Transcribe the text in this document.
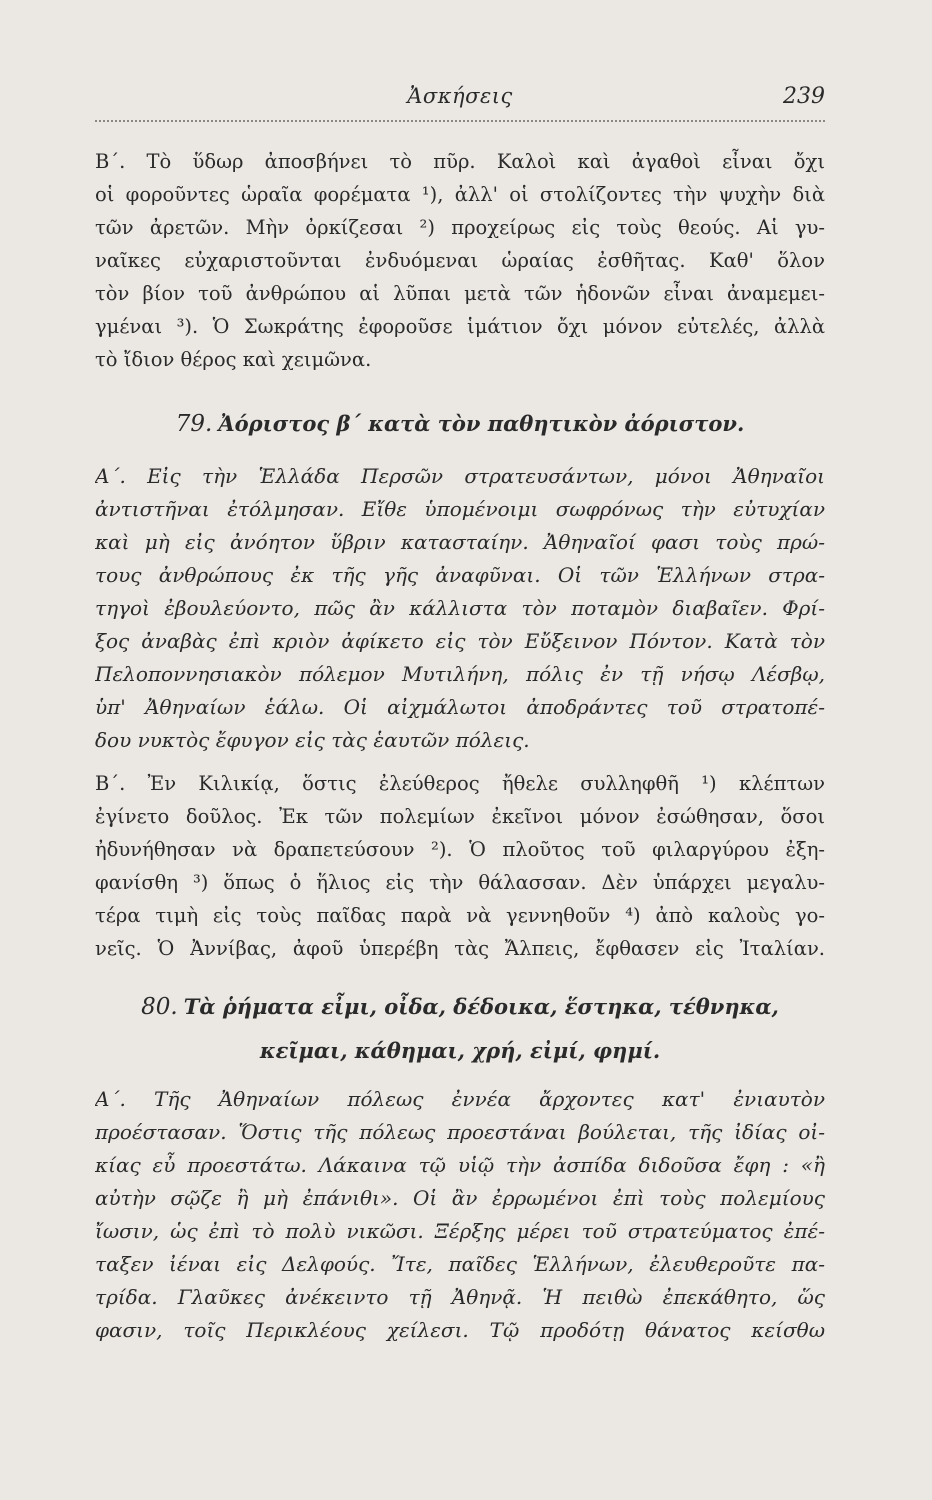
Ἀσκήσεις	239
Β΄. Τὸ ὕδωρ ἀποσβήνει τὸ πῦρ. Καλοὶ καὶ ἀγαθοὶ εἶναι ὄχι
οἱ φοροῦντες ὡραῖα φορέματα ¹), ἀλλ' οἱ στολίζοντες τὴν ψυχὴν διὰ
τῶν ἀρετῶν. Μὴν ὀρκίζεσαι ²) προχείρως εἰς τοὺς θεούς. Αἱ γυ-
ναῖκες εὐχαριστοῦνται ἐνδυόμεναι ὡραίας ἐσθῆτας. Καθ' ὅλον
τὸν βίον τοῦ ἀνθρώπου αἱ λῦπαι μετὰ τῶν ἡδονῶν εἶναι ἀναμεμει-
γμέναι ³). Ὁ Σωκράτης ἐφοροῦσε ἱμάτιον ὄχι μόνον εὐτελές, ἀλλὰ
τὸ ἴδιον θέρος καὶ χειμῶνα.
79. Ἀόριστος β΄ κατὰ τὸν παθητικὸν ἀόριστον.
Α΄. Εἰς τὴν Ἑλλάδα Περσῶν στρατευσάντων, μόνοι Ἀθηναῖοι
ἀντιστῆναι ἐτόλμησαν. Εἴθε ὑπομένοιμι σωφρόνως τὴν εὐτυχίαν
καὶ μὴ εἰς ἀνόητον ὕβριν κατασταίην. Ἀθηναῖοί φασι τοὺς πρώ-
τους ἀνθρώπους ἐκ τῆς γῆς ἀναφῦναι. Οἱ τῶν Ἑλλήνων στρα-
τηγοὶ ἐβουλεύοντο, πῶς ἂν κάλλιστα τὸν ποταμὸν διαβαῖεν. Φρί-
ξος ἀναβὰς ἐπὶ κριὸν ἀφίκετο εἰς τὸν Εὔξεινον Πόντον. Κατὰ τὸν
Πελοποννησιακὸν πόλεμον Μυτιλήνη, πόλις ἐν τῇ νήσῳ Λέσβῳ,
ὑπ' Ἀθηναίων ἑάλω. Οἱ αἰχμάλωτοι ἀποδράντες τοῦ στρατοπέ-
δου νυκτὸς ἔφυγον εἰς τὰς ἑαυτῶν πόλεις.
Β΄. Ἐν Κιλικίᾳ, ὅστις ἐλεύθερος ἤθελε συλληφθῆ ¹) κλέπτων
ἐγίνετο δοῦλος. Ἐκ τῶν πολεμίων ἐκεῖνοι μόνον ἐσώθησαν, ὅσοι
ἠδυνήθησαν νὰ δραπετεύσουν ²). Ὁ πλοῦτος τοῦ φιλαργύρου ἐξη-
φανίσθη ³) ὅπως ὁ ἥλιος εἰς τὴν θάλασσαν. Δὲν ὑπάρχει μεγαλυ-
τέρα τιμὴ εἰς τοὺς παῖδας παρὰ νὰ γεννηθοῦν ⁴) ἀπὸ καλοὺς γο-
νεῖς. Ὁ Ἀννίβας, ἀφοῦ ὑπερέβη τὰς Ἄλπεις, ἔφθασεν εἰς Ἰταλίαν.
80. Τὰ ῥήματα εἶμι, οἶδα, δέδοικα, ἕστηκα, τέθνηκα,
κεῖμαι, κάθημαι, χρή, εἰμί, φημί.
Α΄. Τῆς Ἀθηναίων πόλεως ἐννέα ἄρχοντες κατ' ἐνιαυτὸν
προέστασαν. Ὅστις τῆς πόλεως προεστάναι βούλεται, τῆς ἰδίας οἰ-
κίας εὖ προεστάτω. Λάκαινα τῷ υἱῷ τὴν ἀσπίδα διδοῦσα ἔφη : «ἢ
αὐτὴν σῷζε ἢ μὴ ἐπάνιθι». Οἱ ἂν ἐρρωμένοι ἐπὶ τοὺς πολεμίους
ἴωσιν, ὡς ἐπὶ τὸ πολὺ νικῶσι. Ξέρξης μέρει τοῦ στρατεύματος ἐπέ-
ταξεν ἰέναι εἰς Δελφούς. Ἴτε, παῖδες Ἑλλήνων, ἐλευθεροῦτε πα-
τρίδα. Γλαῦκες ἀνέκειντο τῇ Ἀθηνᾷ. Ἡ πειθὼ ἐπεκάθητο, ὥς
φασιν, τοῖς Περικλέους χείλεσι. Τῷ προδότῃ θάνατος κείσθω
